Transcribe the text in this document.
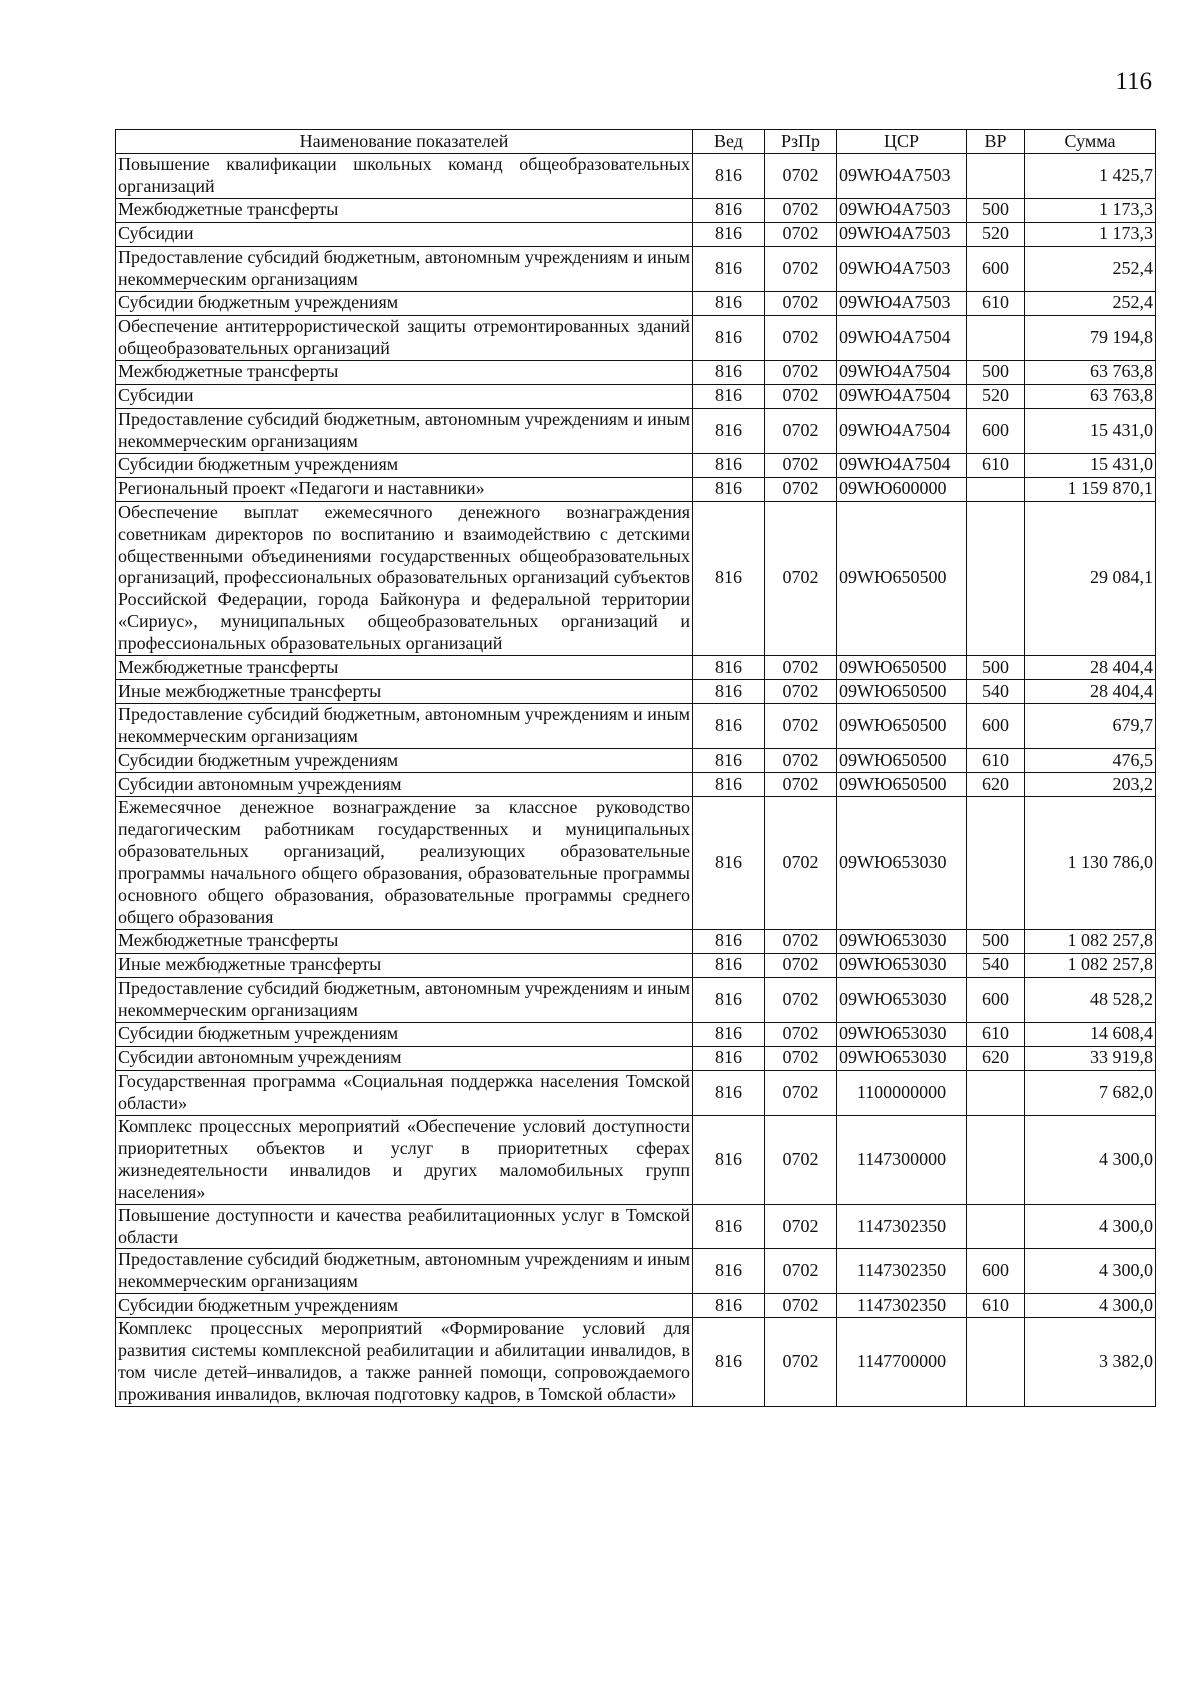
116
Наименование показателей	Вед	РзПр	ЦСР	ВР	Сумма
Повышение квалификации школьных команд общеобразовательных организаций	816	0702	09WЮ4А7503		1 425,7
Межбюджетные трансферты	816	0702	09WЮ4А7503	500	1 173,3
Субсидии	816	0702	09WЮ4А7503	520	1 173,3
Предоставление субсидий бюджетным, автономным учреждениям и иным некоммерческим организациям	816	0702	09WЮ4А7503	600	252,4
Субсидии бюджетным учреждениям	816	0702	09WЮ4А7503	610	252,4
Обеспечение антитеррористической защиты отремонтированных зданий общеобразовательных организаций	816	0702	09WЮ4А7504		79 194,8
Межбюджетные трансферты	816	0702	09WЮ4А7504	500	63 763,8
Субсидии	816	0702	09WЮ4А7504	520	63 763,8
Предоставление субсидий бюджетным, автономным учреждениям и иным некоммерческим организациям	816	0702	09WЮ4А7504	600	15 431,0
Субсидии бюджетным учреждениям	816	0702	09WЮ4А7504	610	15 431,0
Региональный проект «Педагоги и наставники»	816	0702	09WЮ600000		1 159 870,1
Обеспечение выплат ежемесячного денежного вознаграждения советникам директоров по воспитанию и взаимодействию с детскими общественными объединениями государственных общеобразовательных организаций, профессиональных образовательных организаций субъектов Российской Федерации, города Байконура и федеральной территории «Сириус», муниципальных общеобразовательных организаций и профессиональных образовательных организаций	816	0702	09WЮ650500		29 084,1
Межбюджетные трансферты	816	0702	09WЮ650500	500	28 404,4
Иные межбюджетные трансферты	816	0702	09WЮ650500	540	28 404,4
Предоставление субсидий бюджетным, автономным учреждениям и иным некоммерческим организациям	816	0702	09WЮ650500	600	679,7
Субсидии бюджетным учреждениям	816	0702	09WЮ650500	610	476,5
Субсидии автономным учреждениям	816	0702	09WЮ650500	620	203,2
Ежемесячное денежное вознаграждение за классное руководство педагогическим работникам государственных и муниципальных образовательных организаций, реализующих образовательные программы начального общего образования, образовательные программы основного общего образования, образовательные программы среднего общего образования	816	0702	09WЮ653030		1 130 786,0
Межбюджетные трансферты	816	0702	09WЮ653030	500	1 082 257,8
Иные межбюджетные трансферты	816	0702	09WЮ653030	540	1 082 257,8
Предоставление субсидий бюджетным, автономным учреждениям и иным некоммерческим организациям	816	0702	09WЮ653030	600	48 528,2
Субсидии бюджетным учреждениям	816	0702	09WЮ653030	610	14 608,4
Субсидии автономным учреждениям	816	0702	09WЮ653030	620	33 919,8
Государственная программа «Социальная поддержка населения Томской области»	816	0702	1100000000		7 682,0
Комплекс процессных мероприятий «Обеспечение условий доступности приоритетных объектов и услуг в приоритетных сферах жизнедеятельности инвалидов и других маломобильных групп населения»	816	0702	1147300000		4 300,0
Повышение доступности и качества реабилитационных услуг в Томской области	816	0702	1147302350		4 300,0
Предоставление субсидий бюджетным, автономным учреждениям и иным некоммерческим организациям	816	0702	1147302350	600	4 300,0
Субсидии бюджетным учреждениям	816	0702	1147302350	610	4 300,0
Комплекс процессных мероприятий «Формирование условий для развития системы комплексной реабилитации и абилитации инвалидов, в том числе детей–инвалидов, а также ранней помощи, сопровождаемого проживания инвалидов, включая подготовку кадров, в Томской области»	816	0702	1147700000		3 382,0
